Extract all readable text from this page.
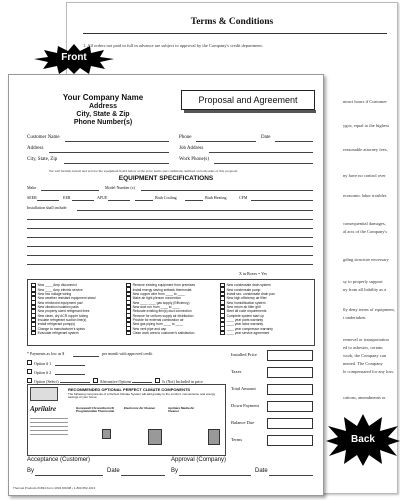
Terms & Conditions
1. All orders not paid in full in advance are subject to approval by the Company's credit department.
ntract hours if Customer
ygos, equal to the highest
reasonable attorney fees,
ny have no control over
economic labor troubles
consequential damages,
al acts of the Company's
gding structure necessary
sy to properly support
ny from all liability as a
lly deny terms of equipment,
t undertaken.
removal or transportation
ed to asbestos, certain
work, the Company can
nented. The Company
le compensated for any loss.
cations, amendments or
Your Company Name
Address
City, State & Zip
Phone Number(s)
Proposal and Agreement
Customer Name	Phone	Date
Address	Job Address
City, State, Zip	Work Phone(s)
We will furnish, install and service the equipment listed below at the price terms and conditions outlined on both sides of this proposal.
EQUIPMENT SPECIFICATIONS
Make	Model Number (s)
SEER	EER	AFUE	Btuh Cooling	Btuh Heating	CFM
Installation shall include:
X in Boxes = Yes
New ____ Amp disconnect
New ____ Amp electric service
New low voltage wiring
New weather resistant equipment stand
New reinforced equipment pad
New vibration isolation pads
New property sized refrigerant lines
New clean, dry ACR copper tubing
Insulate refrigerant suction line(s)
Install refrigerant pump(s)
Change to manufacturer's specs
Evacuate refrigerant system
Remove existing equipment from premises
Install energy saving setback thermostat
New copper wire from ____ to ____
Make air tight plenum connection
New ____ ____ gas supply (Efficiency)
New duct run from ____ to ____
Relocate existing flex(s) duct connection
Remove for uniform supply air distribution
Provide for external combustion air
New gas piping from ____ to ____
New vent pipe and cap
Clean work area to customer's satisfaction
New condensate drain system
New condensate pump
Install sec. condensate drain pan
New high efficiency air filter
New humidification system
New return air filter grill
Meet all code requirements
Complete system start up
____ year parts warranty
____ year labor warranty
____ year compressor warranty
____ year service agreement
* Payments as low as $	per month with approved credit
Option # 1
Option # 2
Option (Select)	Alternative Options	Is (Not) Included in price
RECOMMENDED OPTIONAL PERFECT CLIMATE COMPONENTS
The following components of a Perfect Climate System will add greatly to the comfort, convenience and energy savings of your home.
Aprilaire	Honeywell Chronotherm III Programmable Thermostat
Electronic Air Cleaner	Aprilaire Media Air Cleaner
Installed Price
Taxes
Total Amount
Down Payment
Balance Due
Terms
Acceptance (Customer)	Approval (Company)
By	Date	By	Date
Thermal Products #1834 Form 1834 8/2008 • 1-800-552-1013
Front
Back
